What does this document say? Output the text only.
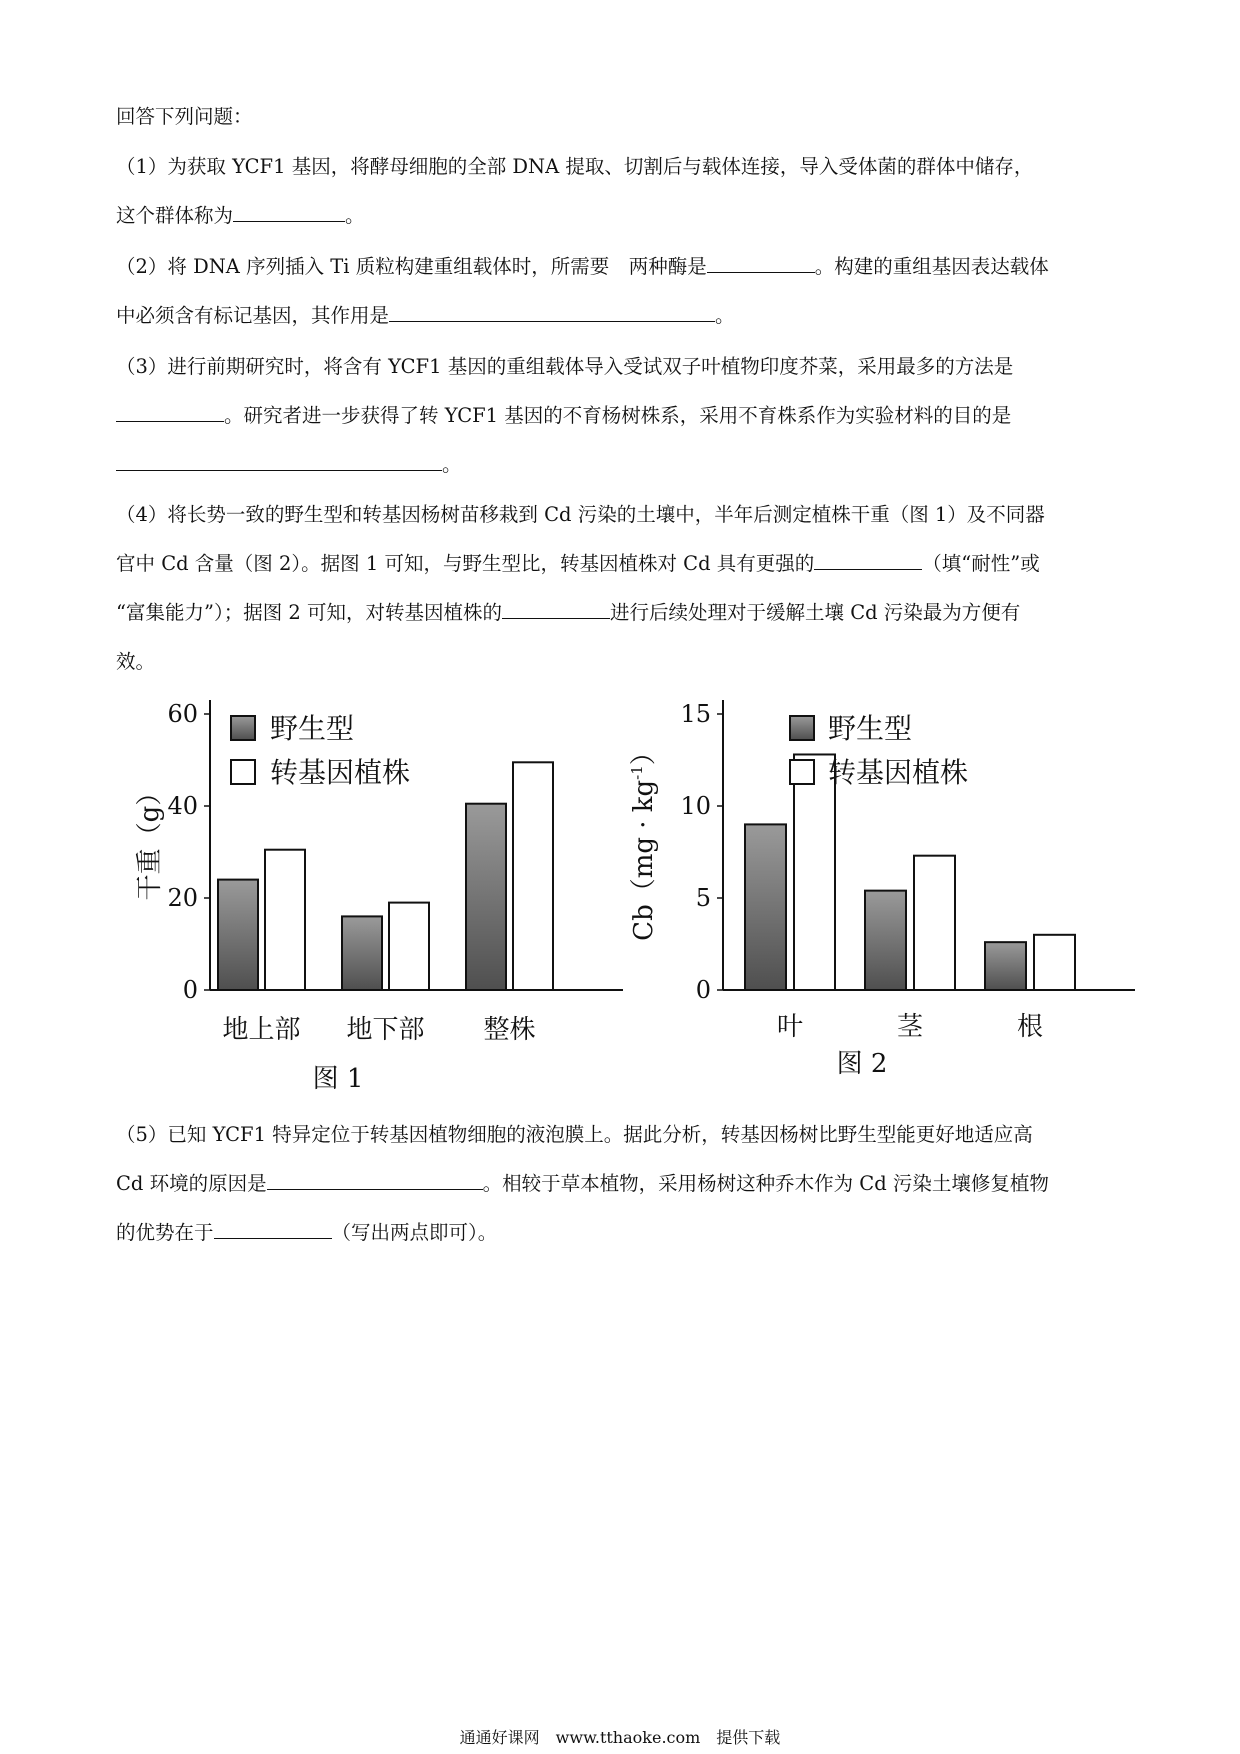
回答下列问题：
（1）为获取 YCF1 基因，将酵母细胞的全部 DNA 提取、切割后与载体连接，导入受体菌的群体中储存，
这个群体称为	。
（2）将 DNA 序列插入 Ti 质粒构建重组载体时，所需要　两种酶是	。构建的重组基因表达载体
中必须含有标记基因，其作用是	。
（3）进行前期研究时，将含有 YCF1 基因的重组载体导入受试双子叶植物印度芥菜，采用最多的方法是
。研究者进一步获得了转 YCF1 基因的不育杨树株系，采用不育株系作为实验材料的目的是
。
（4）将长势一致的野生型和转基因杨树苗移栽到 Cd 污染的土壤中，半年后测定植株干重（图 1）及不同器
官中 Cd 含量（图 2）。据图 1 可知，与野生型比，转基因植株对 Cd 具有更强的	（填“耐性”或
“富集能力”）；据图 2 可知，对转基因植株的	进行后续处理对于缓解土壤 Cd 污染最为方便有
效。
0
20
40
60
干重（g）
地上部 地下部 整株
野生型
转基因植株
图 1
0
5
10
15
$Cb(mg \cdot kg^{-1})$
叶	茎	根
野生型
转基因植株
图 2
（5）已知 YCF1 特异定位于转基因植物细胞的液泡膜上。据此分析，转基因杨树比野生型能更好地适应高
Cd 环境的原因是	。相较于草本植物，采用杨树这种乔木作为 Cd 污染土壤修复植物
的优势在于	（写出两点即可）。
通通好课网　www.tthaoke.com　提供下载
